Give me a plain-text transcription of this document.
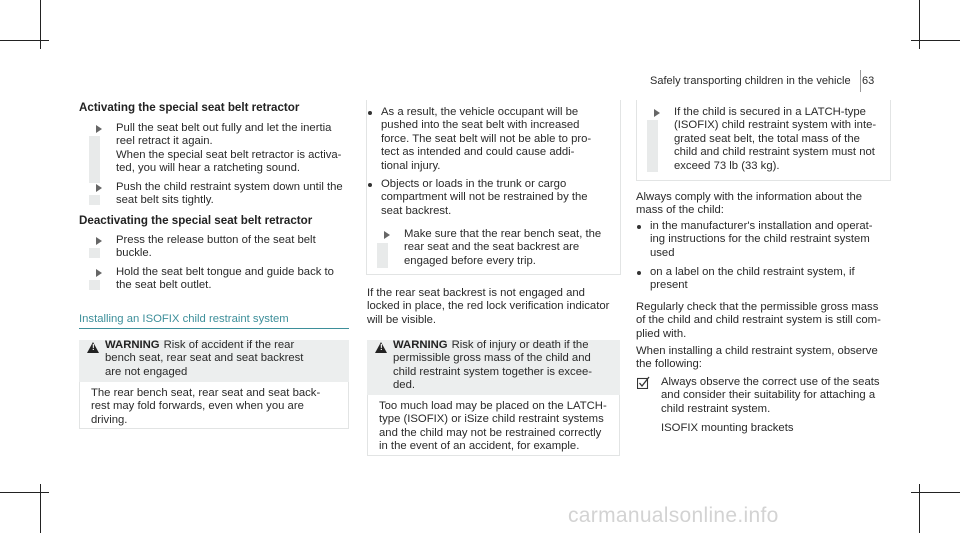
Safely transporting children in the vehicle 63
Activating the special seat belt retractor
Pull the seat belt out fully and let the inertia
reel retract it again.
When the special seat belt retractor is activa-
ted, you will hear a ratcheting sound.
Push the child restraint system down until the
seat belt sits tightly.
Deactivating the special seat belt retractor
Press the release button of the seat belt
buckle.
Hold the seat belt tongue and guide back to
the seat belt outlet.
Installing an ISOFIX child restraint system
! WARNING Risk of accident if the rear
bench seat, rear seat and seat backrest
are not engaged
The rear bench seat, rear seat and seat back-
rest may fold forwards, even when you are
driving.
As a result, the vehicle occupant will be
pushed into the seat belt with increased
force. The seat belt will not be able to pro-
tect as intended and could cause addi-
tional injury.
Objects or loads in the trunk or cargo
compartment will not be restrained by the
seat backrest.
Make sure that the rear bench seat, the
rear seat and the seat backrest are
engaged before every trip.
If the rear seat backrest is not engaged and
locked in place, the red lock verification indicator
will be visible.
! WARNING Risk of injury or death if the
permissible gross mass of the child and
child restraint system together is excee-
ded.
Too much load may be placed on the LATCH-
type (ISOFIX) or iSize child restraint systems
and the child may not be restrained correctly
in the event of an accident, for example.
If the child is secured in a LATCH-type
(ISOFIX) child restraint system with inte-
grated seat belt, the total mass of the
child and child restraint system must not
exceed 73 lb (33 kg).
Always comply with the information about the
mass of the child:
in the manufacturer's installation and operat-
ing instructions for the child restraint system
used
on a label on the child restraint system, if
present
Regularly check that the permissible gross mass
of the child and child restraint system is still com-
plied with.
When installing a child restraint system, observe
the following:
Always observe the correct use of the seats
and consider their suitability for attaching a
child restraint system.
ISOFIX mounting brackets
carmanualsonline.info
